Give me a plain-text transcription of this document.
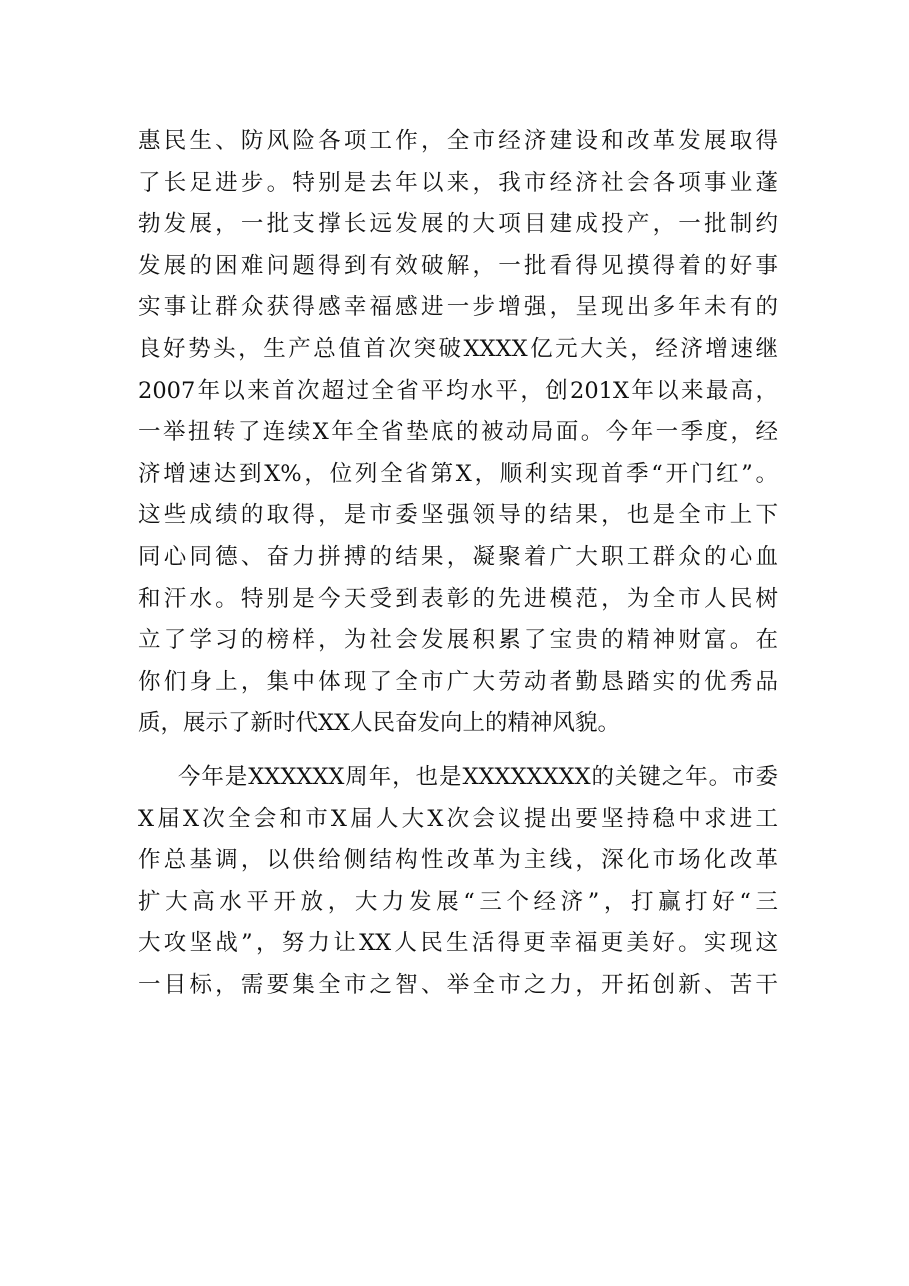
惠民生、防风险各项工作，全市经济建设和改革发展取得
了长足进步。特别是去年以来，我市经济社会各项事业蓬
勃发展，一批支撑长远发展的大项目建成投产，一批制约
发展的困难问题得到有效破解，一批看得见摸得着的好事
实事让群众获得感幸福感进一步增强，呈现出多年未有的
良好势头，生产总值首次突破XXXX亿元大关，经济增速继
2007年以来首次超过全省平均水平，创201X年以来最高，
一举扭转了连续X年全省垫底的被动局面。今年一季度，经
济增速达到X%，位列全省第X，顺利实现首季“开门红”。
这些成绩的取得，是市委坚强领导的结果，也是全市上下
同心同德、奋力拼搏的结果，凝聚着广大职工群众的心血
和汗水。特别是今天受到表彰的先进模范，为全市人民树
立了学习的榜样，为社会发展积累了宝贵的精神财富。在
你们身上，集中体现了全市广大劳动者勤恳踏实的优秀品
质，展示了新时代XX人民奋发向上的精神风貌。
今年是XXXXXX周年，也是XXXXXXXX的关键之年。市委
X届X次全会和市X届人大X次会议提出要坚持稳中求进工
作总基调，以供给侧结构性改革为主线，深化市场化改革
扩大高水平开放，大力发展“三个经济”，打赢打好“三
大攻坚战”，努力让XX人民生活得更幸福更美好。实现这
一目标，需要集全市之智、举全市之力，开拓创新、苦干
